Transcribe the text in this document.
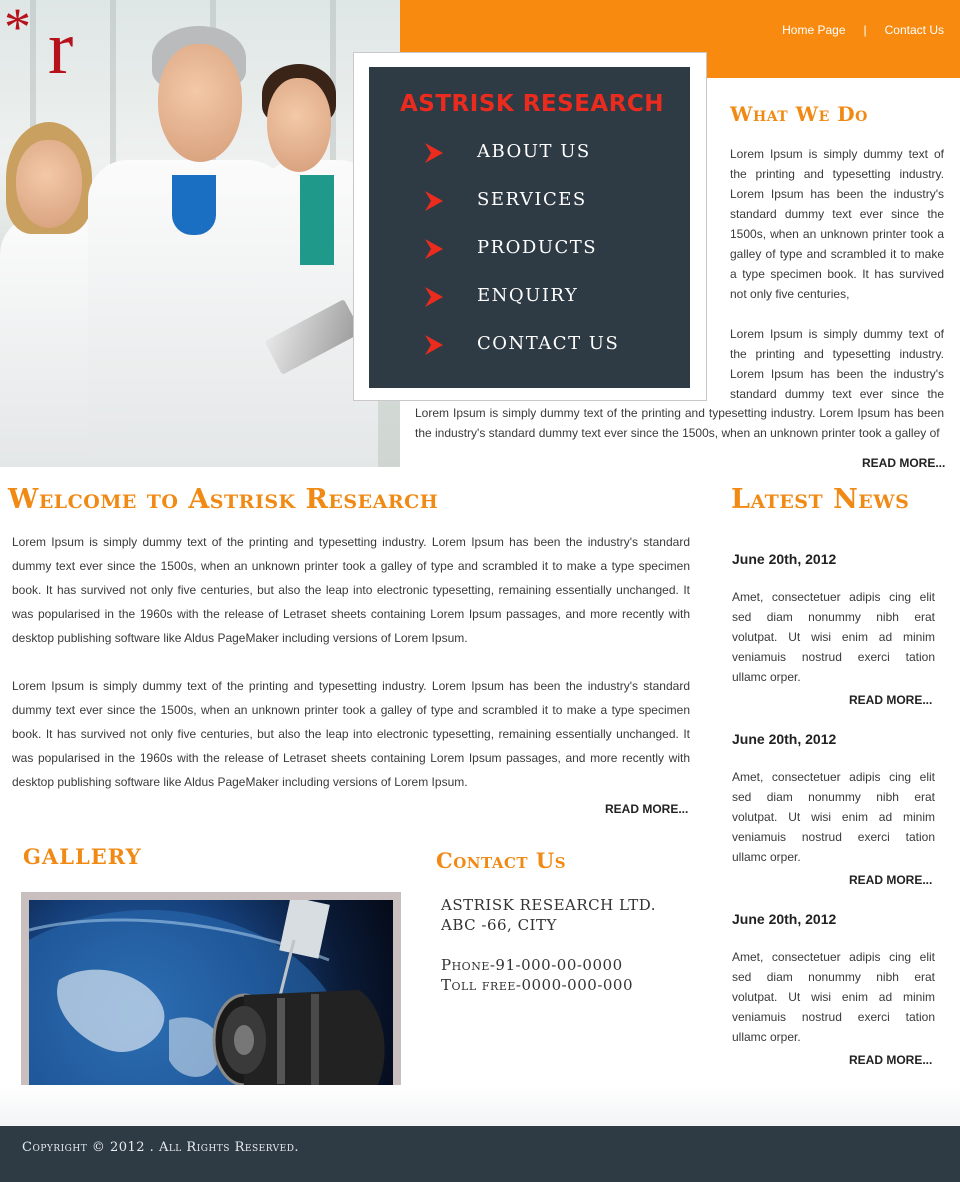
* r	Home Page | Contact Us
ASTRISK RESEARCH
ABOUT US
SERVICES
PRODUCTS
ENQUIRY
CONTACT US
What We Do

Lorem Ipsum is simply dummy text of the printing and typesetting industry. Lorem Ipsum has been the industry's standard dummy text ever since the 1500s, when an unknown printer took a galley of type and scrambled it to make a type specimen book. It has survived not only five centuries,

Lorem Ipsum is simply dummy text of the printing and typesetting industry. Lorem Ipsum has been the industry's standard dummy text ever since the

Lorem Ipsum is simply dummy text of the printing and typesetting industry. Lorem Ipsum has been the industry's standard dummy text ever since the 1500s, when an unknown printer took a galley of

READ MORE...
Welcome to Astrisk Research

Lorem Ipsum is simply dummy text of the printing and typesetting industry. Lorem Ipsum has been the industry's standard dummy text ever since the 1500s, when an unknown printer took a galley of type and scrambled it to make a type specimen book. It has survived not only five centuries, but also the leap into electronic typesetting, remaining essentially unchanged. It was popularised in the 1960s with the release of Letraset sheets containing Lorem Ipsum passages, and more recently with desktop publishing software like Aldus PageMaker including versions of Lorem Ipsum.

Lorem Ipsum is simply dummy text of the printing and typesetting industry. Lorem Ipsum has been the industry's standard dummy text ever since the 1500s, when an unknown printer took a galley of type and scrambled it to make a type specimen book. It has survived not only five centuries, but also the leap into electronic typesetting, remaining essentially unchanged. It was popularised in the 1960s with the release of Letraset sheets containing Lorem Ipsum passages, and more recently with desktop publishing software like Aldus PageMaker including versions of Lorem Ipsum.

READ MORE...
Latest News
June 20th, 2012

Amet, consectetuer adipis cing elit sed diam nonummy nibh erat volutpat. Ut wisi enim ad minim veniamuis nostrud exerci tation ullamc orper.

READ MORE...
June 20th, 2012

Amet, consectetuer adipis cing elit sed diam nonummy nibh erat volutpat. Ut wisi enim ad minim veniamuis nostrud exerci tation ullamc orper.

READ MORE...
June 20th, 2012

Amet, consectetuer adipis cing elit sed diam nonummy nibh erat volutpat. Ut wisi enim ad minim veniamuis nostrud exerci tation ullamc orper.

READ MORE...
GALLERY	Contact Us
ASTRISK RESEARCH LTD.
ABC -66, CITY
Phone-91-000-00-0000
Toll free-0000-000-000
Copyright © 2012 . All Rights Reserved.
